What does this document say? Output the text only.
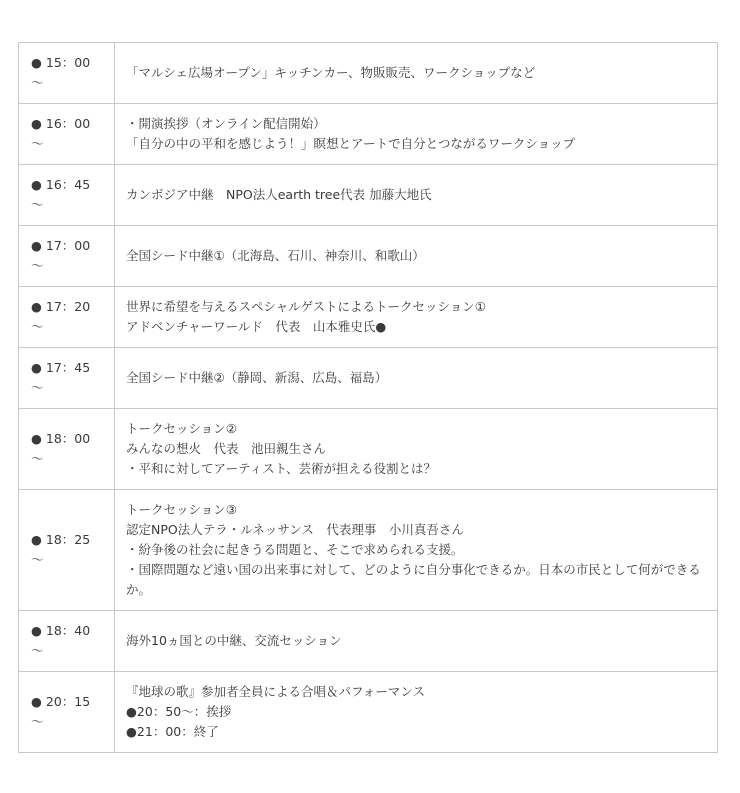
● 15：00
〜	「マルシェ広場オープン」キッチンカー、物販販売、ワークショップなど

● 16：00
〜	・開演挨拶（オンライン配信開始）
「自分の中の平和を感じよう！」瞑想とアートで自分とつながるワークショップ

● 16：45
〜	カンボジア中継　NPO法人earth tree代表 加藤大地氏

● 17：00
〜	全国シード中継①（北海島、石川、神奈川、和歌山）

● 17：20
〜	世界に希望を与えるスペシャルゲストによるトークセッション①
アドベンチャーワールド　代表　山本雅史氏●

● 17：45
〜	全国シード中継②（静岡、新潟、広島、福島）

● 18：00
〜	トークセッション②
みんなの想火　代表　池田親生さん
・平和に対してアーティスト、芸術が担える役割とは？

● 18：25
〜	トークセッション③
認定NPO法人テラ・ルネッサンス　代表理事　小川真吾さん
・紛争後の社会に起きうる問題と、そこで求められる支援。
・国際問題など遠い国の出来事に対して、どのように自分事化できるか。日本の市民として何ができるか。

● 18：40
〜	海外10ヵ国との中継、交流セッション

● 20：15
〜	『地球の歌』参加者全員による合唱＆パフォーマンス
●20：50〜：挨拶
●21：00：終了
